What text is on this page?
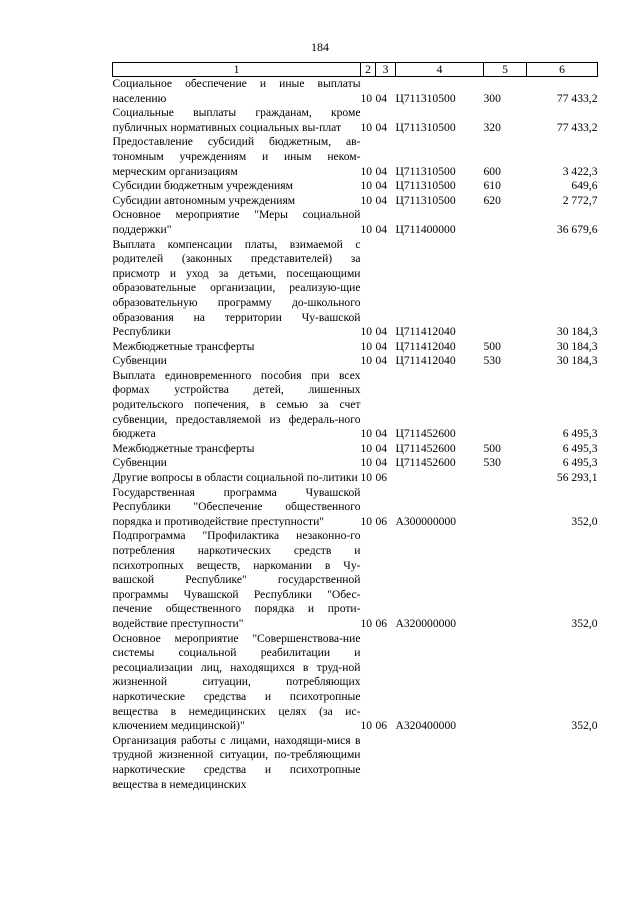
184
1	2	3	4	5	6
Социальное обеспечение и иные выплаты населению	10	04	Ц711310500	300	77 433,2
Социальные выплаты гражданам, кроме публичных нормативных социальных вы-плат	10	04	Ц711310500	320	77 433,2
Предоставление субсидий бюджетным, ав-тономным учреждениям и иным неком-мерческим организациям	10	04	Ц711310500	600	3 422,3
Субсидии бюджетным учреждениям	10	04	Ц711310500	610	649,6
Субсидии автономным учреждениям	10	04	Ц711310500	620	2 772,7
Основное мероприятие "Меры социальной поддержки"	10	04	Ц711400000		36 679,6
Выплата компенсации платы, взимаемой с родителей (законных представителей) за присмотр и уход за детьми, посещающими образовательные организации, реализую-щие образовательную программу до-школьного образования на территории Чу-вашской Республики	10	04	Ц711412040		30 184,3
Межбюджетные трансферты	10	04	Ц711412040	500	30 184,3
Субвенции	10	04	Ц711412040	530	30 184,3
Выплата единовременного пособия при всех формах устройства детей, лишенных родительского попечения, в семью за счет субвенции, предоставляемой из федераль-ного бюджета	10	04	Ц711452600		6 495,3
Межбюджетные трансферты	10	04	Ц711452600	500	6 495,3
Субвенции	10	04	Ц711452600	530	6 495,3
Другие вопросы в области социальной по-литики	10	06			56 293,1
Государственная программа Чувашской Республики "Обеспечение общественного порядка и противодействие преступности"	10	06	А300000000		352,0
Подпрограмма "Профилактика незаконно-го потребления наркотических средств и психотропных веществ, наркомании в Чу-вашской Республике" государственной программы Чувашской Республики "Обес-печение общественного порядка и проти-водействие преступности"	10	06	А320000000		352,0
Основное мероприятие "Совершенствова-ние системы социальной реабилитации и ресоциализации лиц, находящихся в труд-ной жизненной ситуации, потребляющих наркотические средства и психотропные вещества в немедицинских целях (за ис-ключением медицинской)"	10	06	А320400000		352,0
Организация работы с лицами, находящи-мися в трудной жизненной ситуации, по-требляющими наркотические средства и психотропные вещества в немедицинских					
